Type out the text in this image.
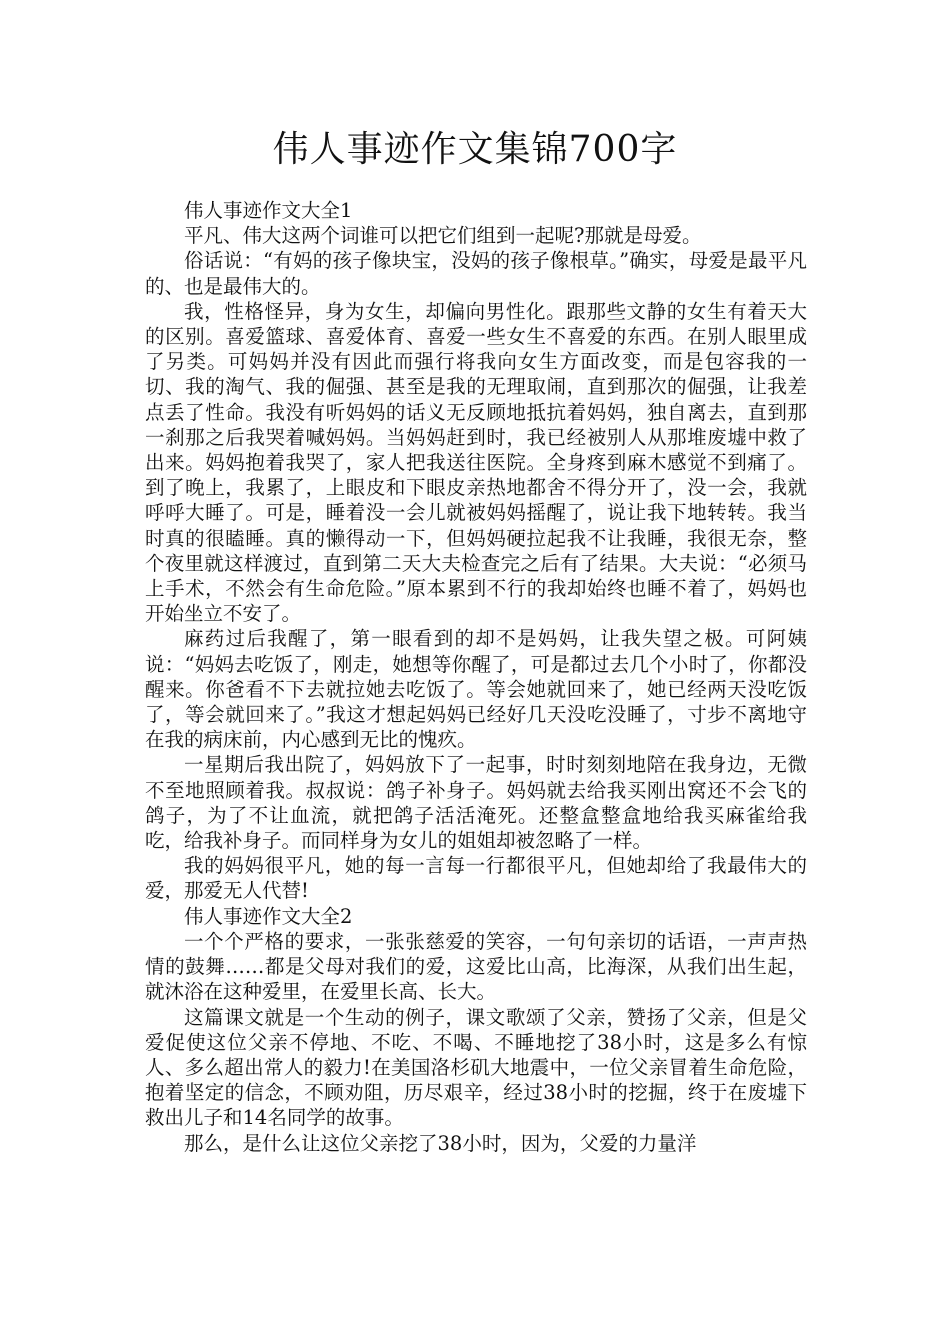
伟人事迹作文集锦700字

伟人事迹作文大全1

平凡、伟大这两个词谁可以把它们组到一起呢?那就是母爱。

俗话说：“有妈的孩子像块宝，没妈的孩子像根草。”确实，母爱是最平凡的、也是最伟大的。

我，性格怪异，身为女生，却偏向男性化。跟那些文静的女生有着天大的区别。喜爱篮球、喜爱体育、喜爱一些女生不喜爱的东西。在别人眼里成了另类。可妈妈并没有因此而强行将我向女生方面改变，而是包容我的一切、我的淘气、我的倔强、甚至是我的无理取闹，直到那次的倔强，让我差点丢了性命。我没有听妈妈的话义无反顾地抵抗着妈妈，独自离去，直到那一刹那之后我哭着喊妈妈。当妈妈赶到时，我已经被别人从那堆废墟中救了出来。妈妈抱着我哭了，家人把我送往医院。全身疼到麻木感觉不到痛了。到了晚上，我累了，上眼皮和下眼皮亲热地都舍不得分开了，没一会，我就呼呼大睡了。可是，睡着没一会儿就被妈妈摇醒了，说让我下地转转。我当时真的很瞌睡。真的懒得动一下，但妈妈硬拉起我不让我睡，我很无奈，整个夜里就这样渡过，直到第二天大夫检查完之后有了结果。大夫说：“必须马上手术，不然会有生命危险。”原本累到不行的我却始终也睡不着了，妈妈也开始坐立不安了。

麻药过后我醒了，第一眼看到的却不是妈妈，让我失望之极。可阿姨说：“妈妈去吃饭了，刚走，她想等你醒了，可是都过去几个小时了，你都没醒来。你爸看不下去就拉她去吃饭了。等会她就回来了，她已经两天没吃饭了，等会就回来了。”我这才想起妈妈已经好几天没吃没睡了，寸步不离地守在我的病床前，内心感到无比的愧疚。

一星期后我出院了，妈妈放下了一起事，时时刻刻地陪在我身边，无微不至地照顾着我。叔叔说：鸽子补身子。妈妈就去给我买刚出窝还不会飞的鸽子，为了不让血流，就把鸽子活活淹死。还整盒整盒地给我买麻雀给我吃，给我补身子。而同样身为女儿的姐姐却被忽略了一样。

我的妈妈很平凡，她的每一言每一行都很平凡，但她却给了我最伟大的爱，那爱无人代替!

伟人事迹作文大全2

一个个严格的要求，一张张慈爱的笑容，一句句亲切的话语，一声声热情的鼓舞……都是父母对我们的爱，这爱比山高，比海深，从我们出生起，就沐浴在这种爱里，在爱里长高、长大。

这篇课文就是一个生动的例子，课文歌颂了父亲，赞扬了父亲，但是父爱促使这位父亲不停地、不吃、不喝、不睡地挖了38小时，这是多么有惊人、多么超出常人的毅力!在美国洛杉矶大地震中，一位父亲冒着生命危险，抱着坚定的信念，不顾劝阻，历尽艰辛，经过38小时的挖掘，终于在废墟下救出儿子和14名同学的故事。

那么，是什么让这位父亲挖了38小时，因为，父爱的力量洋
